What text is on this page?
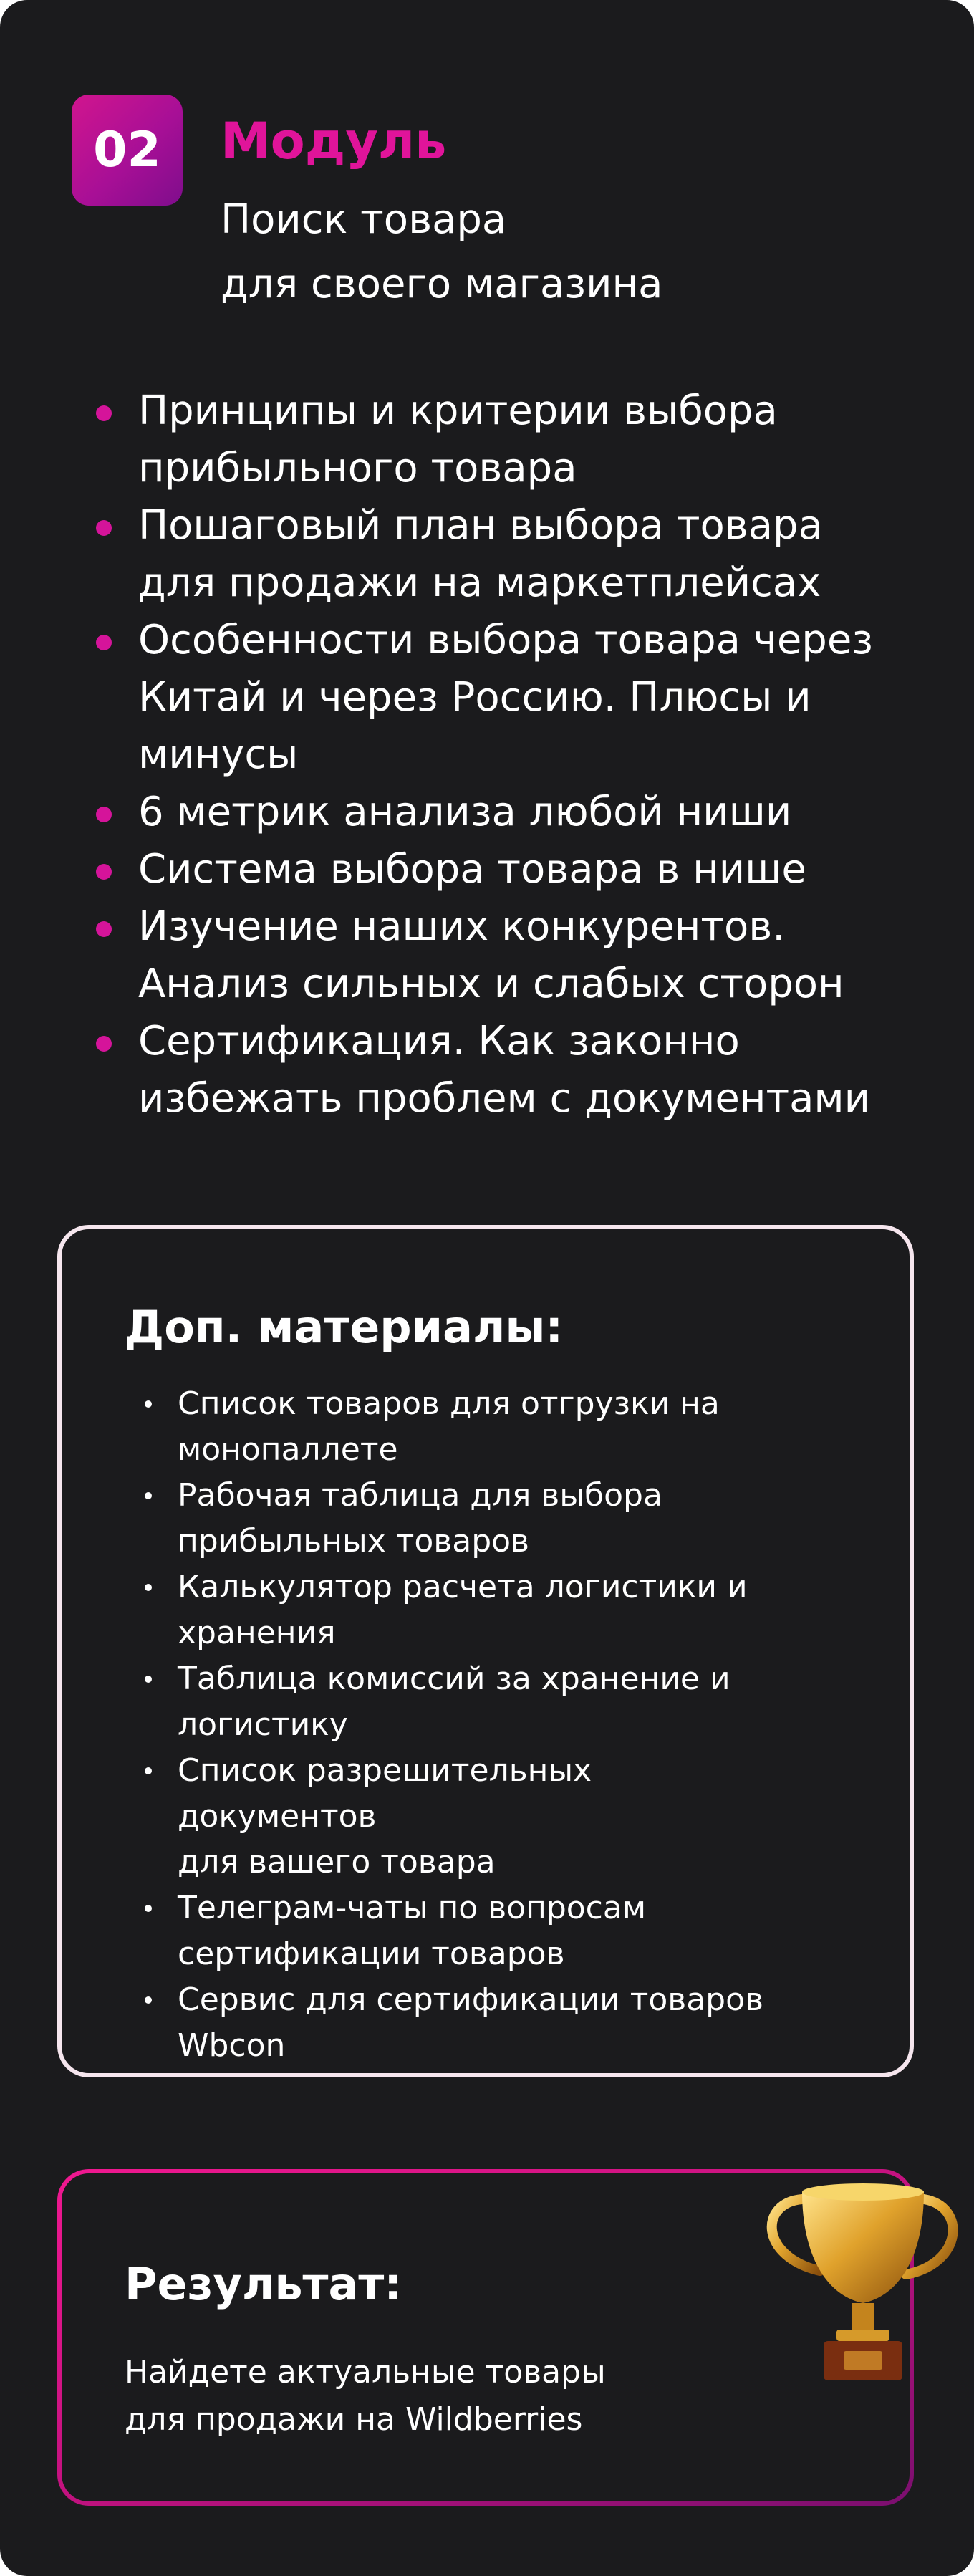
02 Модуль
Поиск товара
для своего магазина
Принципы и критерии выбора
прибыльного товара
Пошаговый план выбора товара
для продажи на маркетплейсах
Особенности выбора товара через
Китай и через Россию. Плюсы и
минусы
6 метрик анализа любой ниши
Система выбора товара в нише
Изучение наших конкурентов.
Анализ сильных и слабых сторон
Сертификация. Как законно
избежать проблем с документами
Доп. материалы:
Список товаров для отгрузки на
монопаллете
Рабочая таблица для выбора
прибыльных товаров
Калькулятор расчета логистики и
хранения
Таблица комиссий за хранение и
логистику
Список разрешительных документов
для вашего товара
Телеграм-чаты по вопросам
сертификации товаров
Сервис для сертификации товаров
Wbcon
Результат:

Найдете актуальные товары
для продажи на Wildberries
